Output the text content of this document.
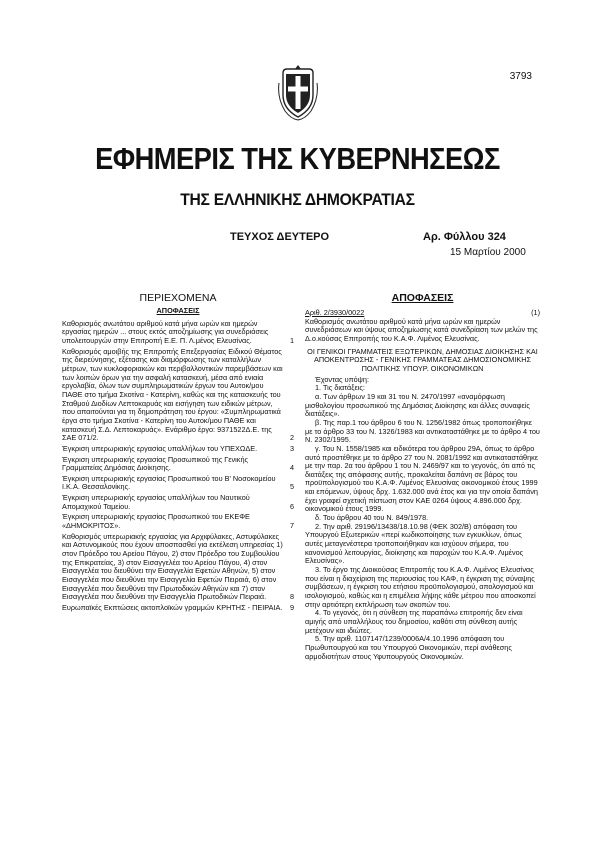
3793
ΕΦΗΜΕΡΙΣ ΤΗΣ ΚΥΒΕΡΝΗΣΕΩΣ
ΤΗΣ ΕΛΛΗΝΙΚΗΣ ΔΗΜΟΚΡΑΤΙΑΣ
ΤΕΥΧΟΣ ΔΕΥΤΕΡΟ	Αρ. Φύλλου 324
15 Μαρτίου 2000
ΠΕΡΙΕΧΟΜΕΝΑ
ΑΠΟΦΑΣΕΙΣ
Καθορισμός ανωτάτου αριθμού κατά μήνα ωρών και ημερών εργασίας ημερών ... στους εκτός αποζημίωσης για συνεδριάσεις υπολειτουργών στην Επιτροπή Ε.Ε. Π. Λ.μένος Ελευσίνας.	1
Καθορισμός αμοιβής της Επιτροπής Επεξεργασίας Ειδικού Θέματος της διερεύνησης, εξέτασης και διαμόρφωσης των καταλλήλων μέτρων, των κυκλοφοριακών και περιβαλλοντικών παρεμβάσεων και των λοιπών όρων για την ασφαλή κατασκευή, μέσα από ενιαία εργολαβία, όλων των συμπληρωματικών έργων του Αυτοκ/μου ΠΑΘΕ στο τμήμα Σκοτίνα - Κατερίνη, καθώς και της κατασκευής του Σταθμού Διοδίων Λεπτοκαρυάς και εισήγηση των ειδικών μέτρων, που απαιτούνται για τη δημοπράτηση του έργου: «Συμπληρωματικά έργα στο τμήμα Σκοτίνα - Κατερίνη του Αυτοκ/μου ΠΑΘΕ και κατασκευή Σ.Δ. Λεπτοκαρυάς». Ενάριθμο έργο: 9371522Δ.Ε. της ΣΑΕ 071/2.	2
Έγκριση υπερωριακής εργασίας υπαλλήλων του ΥΠΕΧΩΔΕ.	3
Έγκριση υπερωριακής εργασίας Προσωπικού της Γενικής Γραμματείας Δημόσιας Διοίκησης.	4
Έγκριση υπερωριακής εργασίας Προσωπικού του Β' Νοσοκομείου Ι.Κ.Α. Θεσσαλονίκης.	5
Έγκριση υπερωριακής εργασίας υπαλλήλων του Ναυτικού Απομαχικού Ταμείου.	6
Έγκριση υπερωριακής εργασίας Προσωπικού του ΕΚΕΦΕ «ΔΗΜΟΚΡΙΤΟΣ».	7
Καθορισμός υπερωριακής εργασίας για Αρχιφύλακες, Αστυφύλακες και Αστυνομικούς που έχουν αποσπασθεί για εκτέλεση υπηρεσίας 1) στον Πρόεδρο του Αρείου Πάγου, 2) στον Πρόεδρο του Συμβουλίου της Επικρατείας, 3) στον Εισαγγελέα του Αρείου Πάγου, 4) στον Εισαγγελέα του διευθύνει την Εισαγγελία Εφετών Αθηνών, 5) στον Εισαγγελέα που διευθύνει την Εισαγγελία Εφετών Πειραιά, 6) στον Εισαγγελέα που διευθύνει την Πρωτοδικών Αθηνών και 7) στον Εισαγγελέα που διευθύνει την Εισαγγελία Πρωτοδικών Πειραιά.	8
Ευρωπαϊκές Εκπτώσεις ακτοπλοϊκών γραμμών ΚΡΗΤΗΣ - ΠΕΙΡΑΙΑ. 9
ΑΠΟΦΑΣΕΙΣ
Αριθ. 2/3930/0022	(1)
Καθορισμός ανωτάτου αριθμού κατά μήνα ωρών και ημερών συνεδριάσεων και ύψους αποζημίωσης κατά συνεδρίαση των μελών της Δ.ο.κούσας Επιτροπής του Κ.Α.Φ. Λιμένος Ελευσίνας.
ΟΙ ΓΕΝΙΚΟΙ ΓΡΑΜΜΑΤΕΙΣ ΕΞΩΤΕΡΙΚΩΝ, ΔΗΜΟΣΙΑΣ ΔΙΟΙΚΗΣΗΣ ΚΑΙ ΑΠΟΚΕΝΤΡΩΣΗΣ - ΓΕΝΙΚΗΣ ΓΡΑΜΜΑΤΕΑΣ ΔΗΜΟΣΙΟΝΟΜΙΚΗΣ ΠΟΛΙΤΙΚΗΣ ΥΠΟΥΡ. ΟΙΚΟΝΟΜΙΚΩΝ
Έχοντας υπόψη:
1. Τις διατάξεις:
α. Των άρθρων 19 και 31 του Ν. 2470/1997 «αναμόρφωση μισθολογίου προσωπικού της Δημόσιας Διοίκησης και άλλες συναφείς διατάξεις».
β. Της παρ.1 του άρθρου 6 του Ν. 1256/1982 όπως τροποποιήθηκε με το άρθρο 33 του Ν. 1326/1983 και αντικαταστάθηκε με το άρθρο 4 του Ν. 2302/1995.
γ. Του Ν. 1558/1985 και ειδικότερα του άρθρου 29Α, όπως το άρθρο αυτό προστέθηκε με το άρθρο 27 του Ν. 2081/1992 και αντικαταστάθηκε με την παρ. 2α του άρθρου 1 του Ν. 2469/97 και το γεγονός, ότι από τις διατάξεις της απόφασης αυτής, προκαλείται δαπάνη σε βάρος του προϋπολογισμού του Κ.Α.Φ. Λιμένος Ελευσίνας οικονομικού έτους 1999 και επόμενων, ύψους δρχ. 1.632.000 ανά έτος και για την οποία δαπάνη έχει γραφεί σχετική πίστωση στον ΚΑΕ 0264 ύψους 4.896.000 δρχ. οικονομικού έτους 1999.
δ. Του άρθρου 40 του Ν. 849/1978.
2. Την αριθ. 29196/13438/18.10.98 (ΦΕΚ 302/Β) απόφαση του Υπουργού Εξωτερικών «περί κωδικοποίησης των εγκυκλίων, όπως αυτές μεταγενέστερα τροποποιήθηκαν και ισχύουν σήμερα, του κανονισμού λειτουργίας, διοίκησης και παροχών του Κ.Α.Φ. Λιμένος Ελευσίνας».
3. Το έργο της Διοικούσας Επιτροπής του Κ.Α.Φ. Λιμένος Ελευσίνας που είναι η διαχείριση της περιουσίας του ΚΑΦ, η έγκριση της σύναψης συμβάσεων, η έγκριση του ετήσιου προϋπολογισμού, απολογισμού και ισολογισμού, καθώς και η επιμέλεια λήψης κάθε μέτρου που αποσκοπεί στην αρτιότερη εκπλήρωση των σκοπών του.
4. Το γεγονός, ότι η σύνθεση της παραπάνω επιτροπής δεν είναι αμιγής από υπαλλήλους του δημοσίου, καθότι στη σύνθεση αυτής μετέχουν και ιδιώτες.
5. Την αριθ. 1107147/1239/0006Α/4.10.1996 απόφαση του Πρωθυπουργού και του Υπουργού Οικονομικών, περί ανάθεσης αρμοδιοτήτων στους Υφυπουργούς Οικονομικών.
